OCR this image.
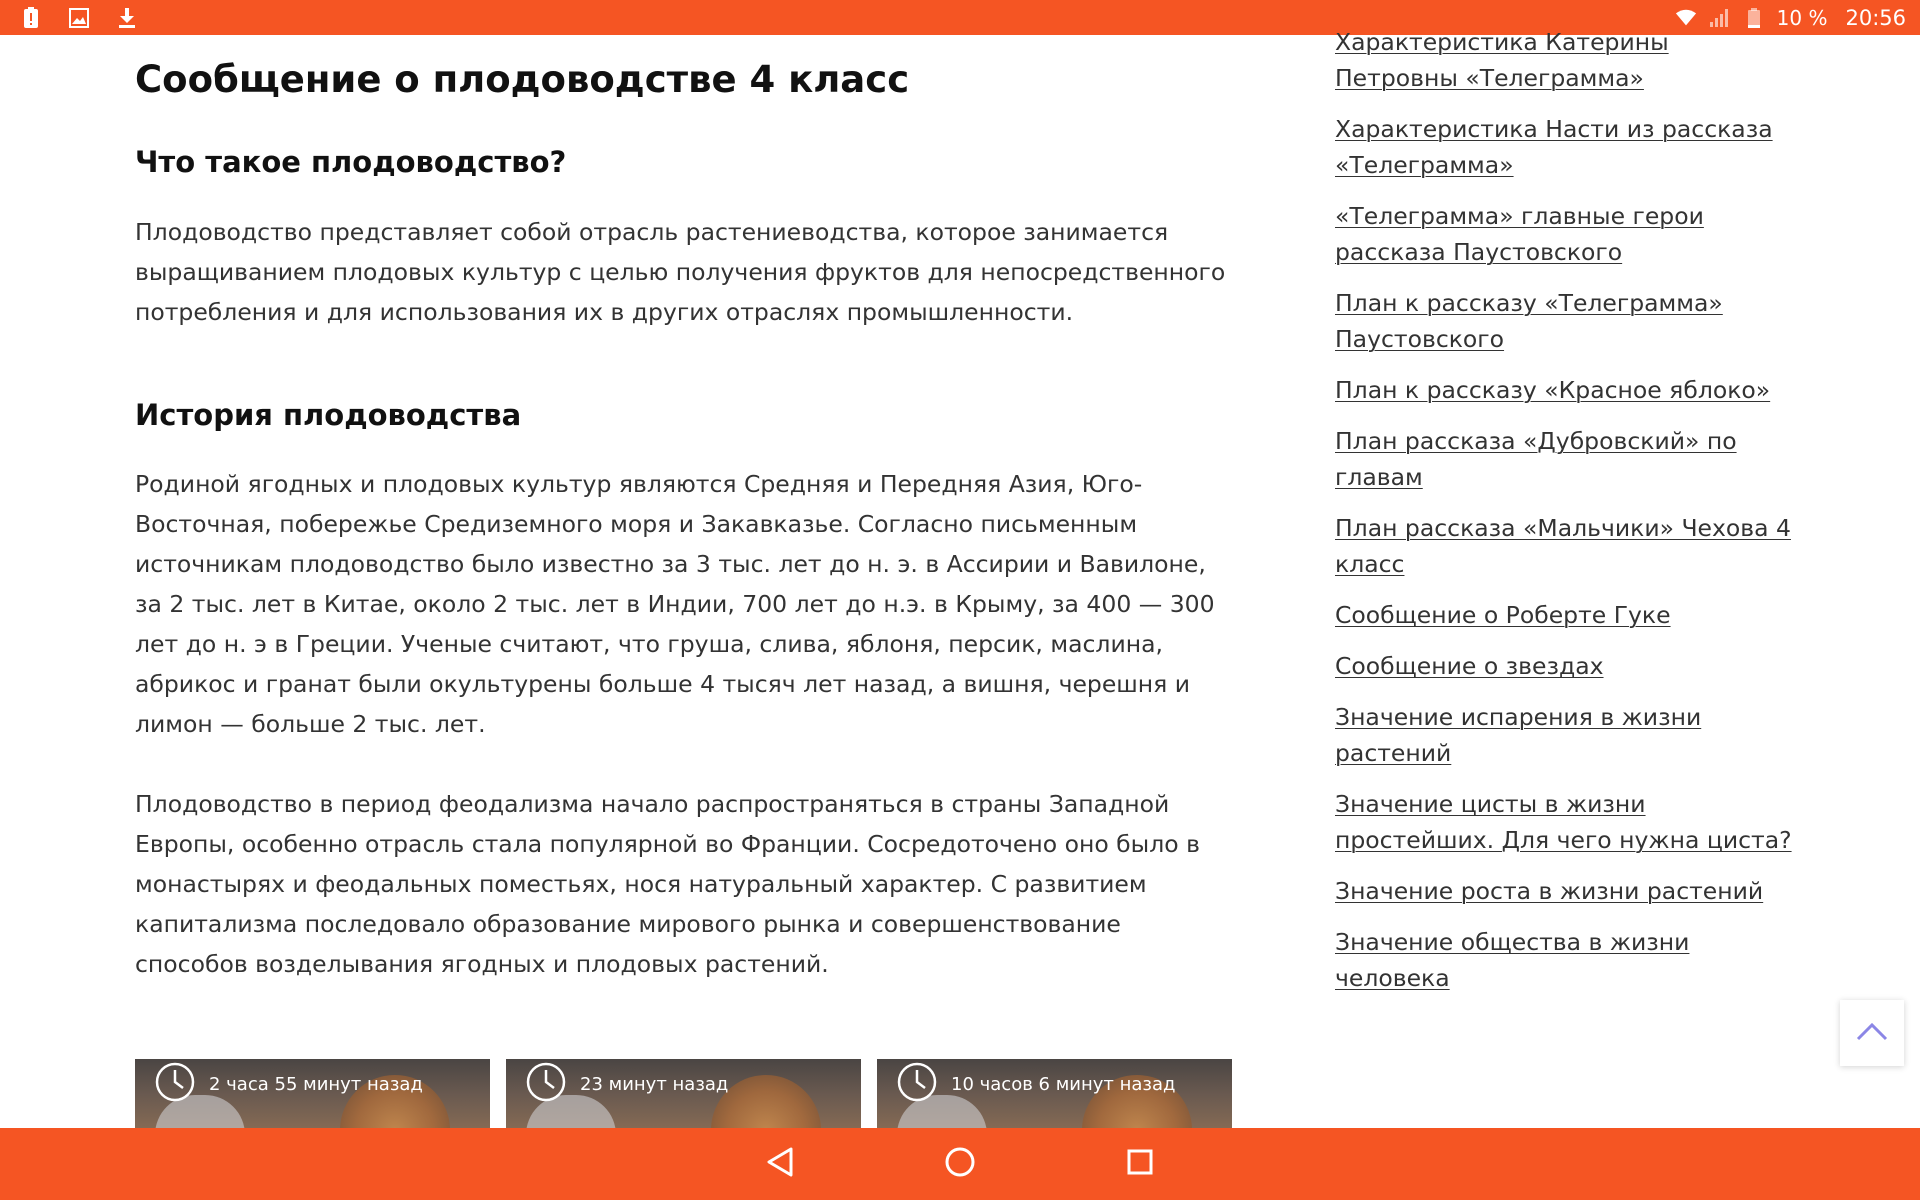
10 % 20:56
Сообщение о плодоводстве 4 класс
Что такое плодоводство?

Плодоводство представляет собой отрасль растениеводства, которое занимается выращиванием плодовых культур с целью получения фруктов для непосредственного потребления и для использования их в других отраслях промышленности.

История плодоводства

Родиной ягодных и плодовых культур являются Средняя и Передняя Азия, Юго-Восточная, побережье Средиземного моря и Закавказье. Согласно письменным источникам плодоводство было известно за 3 тыс. лет до н. э. в Ассирии и Вавилоне, за 2 тыс. лет в Китае, около 2 тыс. лет в Индии, 700 лет до н.э. в Крыму, за 400 — 300 лет до н. э в Греции. Ученые считают, что груша, слива, яблоня, персик, маслина, абрикос и гранат были окультурены больше 4 тысяч лет назад, а вишня, черешня и лимон — больше 2 тыс. лет.

Плодоводство в период феодализма начало распространяться в страны Западной Европы, особенно отрасль стала популярной во Франции. Сосредоточено оно было в монастырях и феодальных поместьях, нося натуральный характер. С развитием капитализма последовало образование мирового рынка и совершенствование способов возделывания ягодных и плодовых растений.

2 часа 55 минут назад	23 минут назад	10 часов 6 минут назад
Характеристика Катерины Петровны «Телеграмма»
Характеристика Насти из рассказа «Телеграмма»
«Телеграмма» главные герои рассказа Паустовского
План к рассказу «Телеграмма» Паустовского
План к рассказу «Красное яблоко»
План рассказа «Дубровский» по главам
План рассказа «Мальчики» Чехова 4 класс
Сообщение о Роберте Гуке
Сообщение о звездах
Значение испарения в жизни растений
Значение цисты в жизни простейших. Для чего нужна циста?
Значение роста в жизни растений
Значение общества в жизни человека
